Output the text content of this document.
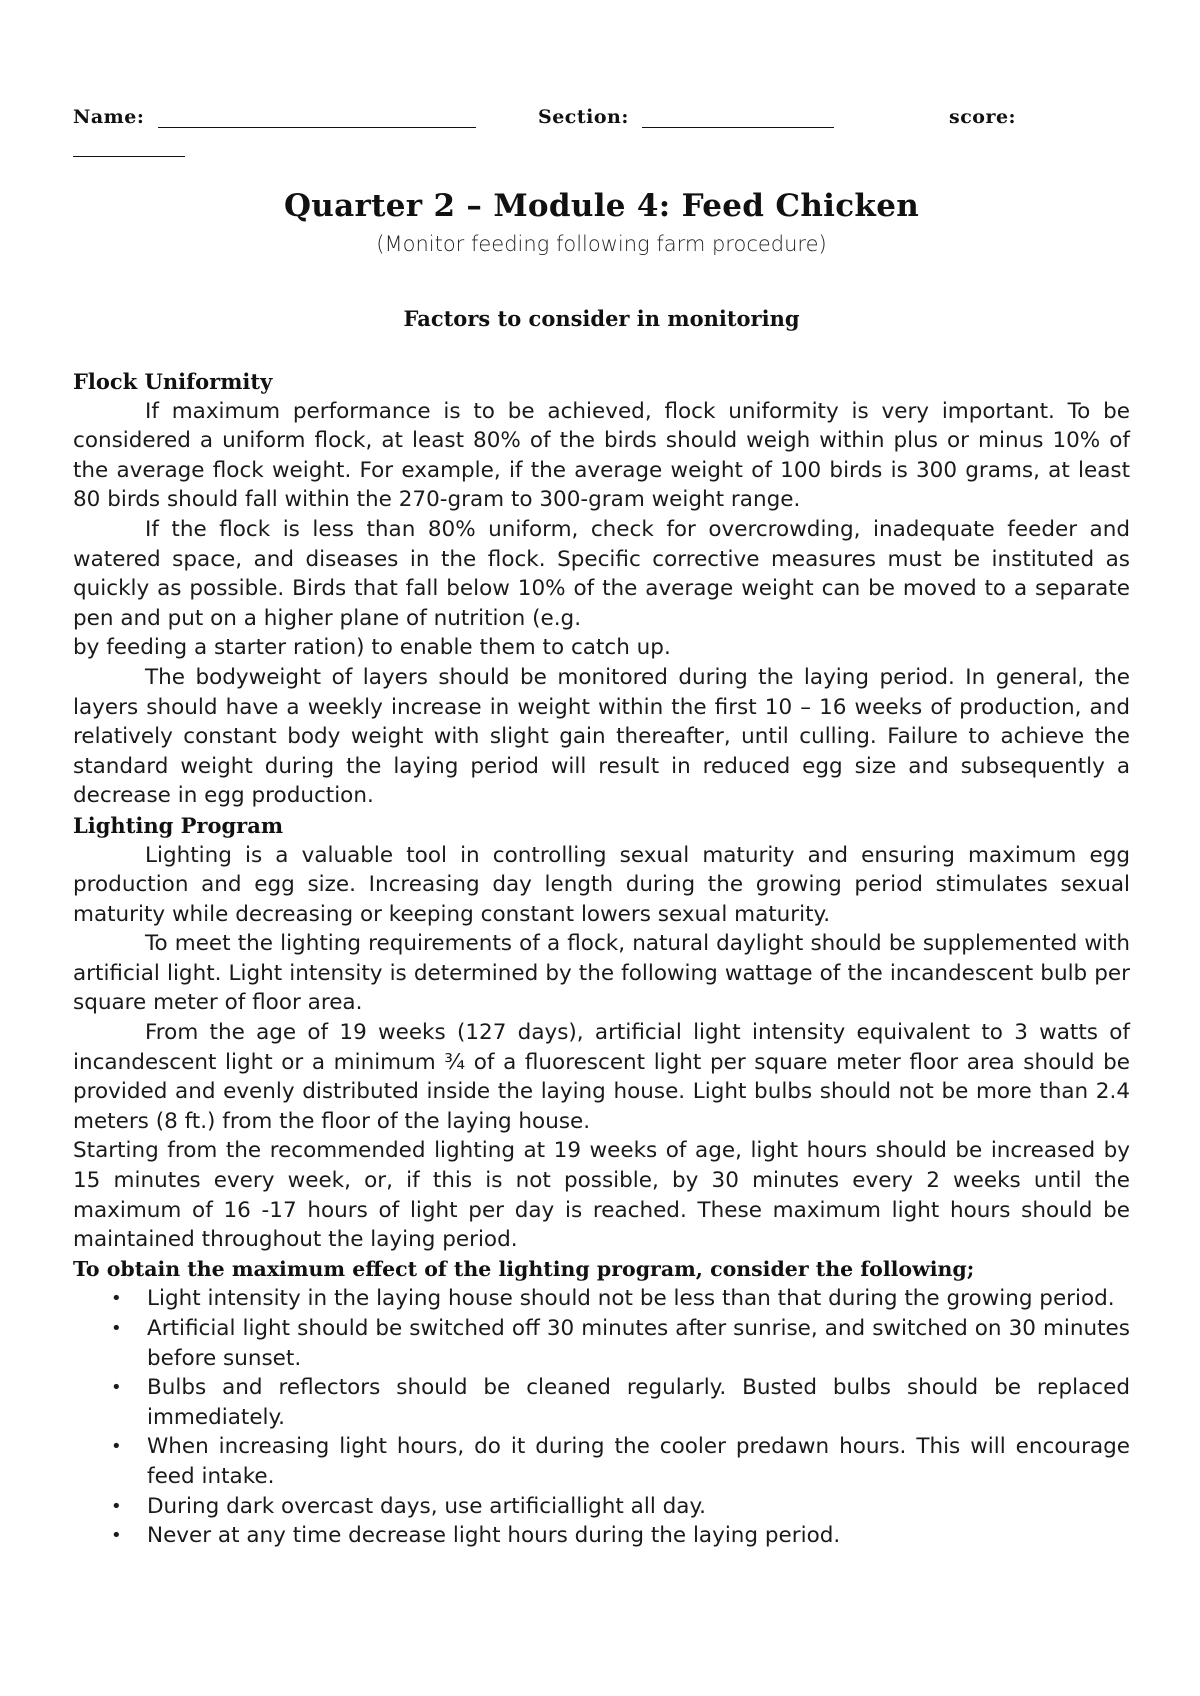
Name:	Section:	score:
Quarter 2 – Module 4: Feed Chicken
(Monitor feeding following farm procedure)
Factors to consider in monitoring
Flock Uniformity

If maximum performance is to be achieved, flock uniformity is very important. To be considered a uniform flock, at least 80% of the birds should weigh within plus or minus 10% of the average flock weight. For example, if the average weight of 100 birds is 300 grams, at least 80 birds should fall within the 270-gram to 300-gram weight range.

If the flock is less than 80% uniform, check for overcrowding, inadequate feeder and watered space, and diseases in the flock. Specific corrective measures must be instituted as quickly as possible. Birds that fall below 10% of the average weight can be moved to a separate pen and put on a higher plane of nutrition (e.g.

by feeding a starter ration) to enable them to catch up.

The bodyweight of layers should be monitored during the laying period. In general, the layers should have a weekly increase in weight within the first 10 – 16 weeks of production, and relatively constant body weight with slight gain thereafter, until culling. Failure to achieve the standard weight during the laying period will result in reduced egg size and subsequently a decrease in egg production.

Lighting Program

Lighting is a valuable tool in controlling sexual maturity and ensuring maximum egg production and egg size. Increasing day length during the growing period stimulates sexual maturity while decreasing or keeping constant lowers sexual maturity.

To meet the lighting requirements of a flock, natural daylight should be supplemented with artificial light. Light intensity is determined by the following wattage of the incandescent bulb per square meter of floor area.

From the age of 19 weeks (127 days), artificial light intensity equivalent to 3 watts of incandescent light or a minimum ¾ of a fluorescent light per square meter floor area should be provided and evenly distributed inside the laying house. Light bulbs should not be more than 2.4 meters (8 ft.) from the floor of the laying house.

Starting from the recommended lighting at 19 weeks of age, light hours should be increased by 15 minutes every week, or, if this is not possible, by 30 minutes every 2 weeks until the maximum of 16 -17 hours of light per day is reached. These maximum light hours should be maintained throughout the laying period.

To obtain the maximum effect of the lighting program, consider the following;
• Light intensity in the laying house should not be less than that during the growing period.
• Artificial light should be switched off 30 minutes after sunrise, and switched on 30 minutes before sunset.
• Bulbs and reflectors should be cleaned regularly. Busted bulbs should be replaced immediately.
• When increasing light hours, do it during the cooler predawn hours. This will encourage feed intake.
• During dark overcast days, use artificiallight all day.
• Never at any time decrease light hours during the laying period.
